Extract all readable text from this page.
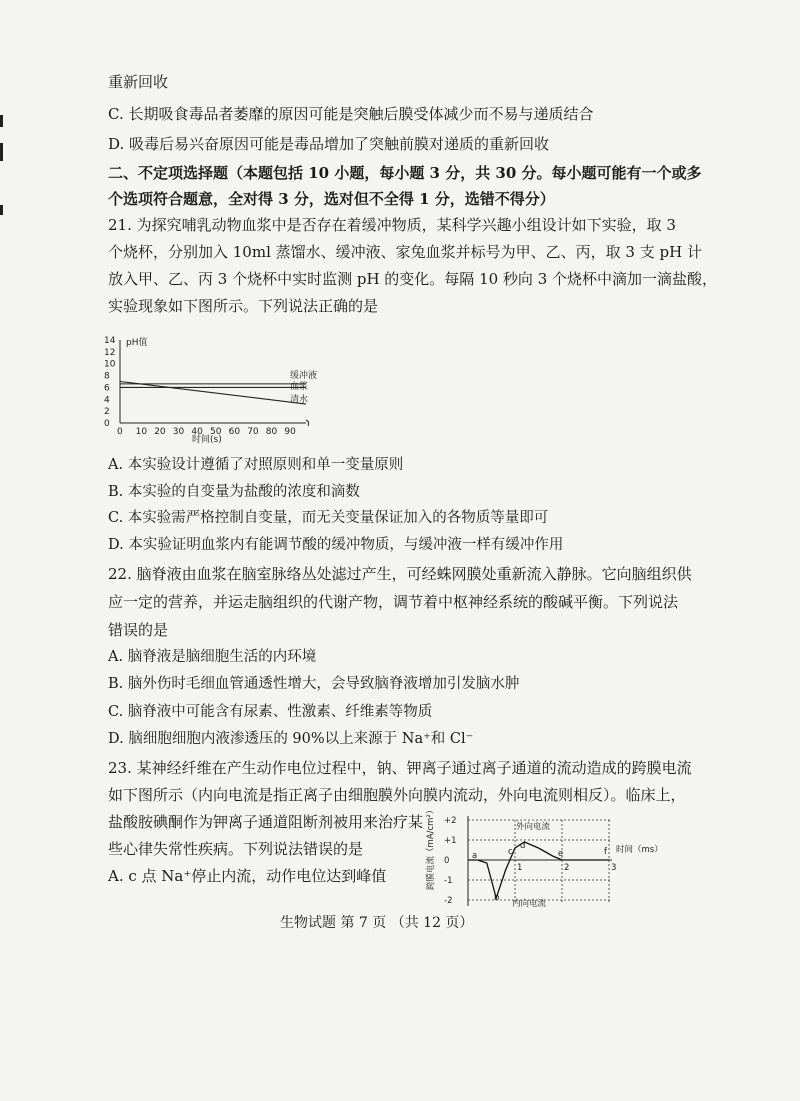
重新回收
C. 长期吸食毒品者萎靡的原因可能是突触后膜受体减少而不易与递质结合
D. 吸毒后易兴奋原因可能是毒品增加了突触前膜对递质的重新回收
二、不定项选择题（本题包括 10 小题，每小题 3 分，共 30 分。每小题可能有一个或多
个选项符合题意，全对得 3 分，选对但不全得 1 分，选错不得分）
21. 为探究哺乳动物血浆中是否存在着缓冲物质，某科学兴趣小组设计如下实验，取 3
个烧杯，分别加入 10ml 蒸馏水、缓冲液、家兔血浆并标号为甲、乙、丙，取 3 支 pH 计
放入甲、乙、丙 3 个烧杯中实时监测 pH 的变化。每隔 10 秒向 3 个烧杯中滴加一滴盐酸，
实验现象如下图所示。下列说法正确的是
pH值
时间(s)
0
2
4
6
8
10
12
14
0 10 20 30 40 50 60 70 80 90
缓冲液
血浆
清水
A. 本实验设计遵循了对照原则和单一变量原则
B. 本实验的自变量为盐酸的浓度和滴数
C. 本实验需严格控制自变量，而无关变量保证加入的各物质等量即可
D. 本实验证明血浆内有能调节酸的缓冲物质，与缓冲液一样有缓冲作用
22. 脑脊液由血浆在脑室脉络丛处滤过产生，可经蛛网膜处重新流入静脉。它向脑组织供
应一定的营养，并运走脑组织的代谢产物，调节着中枢神经系统的酸碱平衡。下列说法
错误的是
A. 脑脊液是脑细胞生活的内环境
B. 脑外伤时毛细血管通透性增大，会导致脑脊液增加引发脑水肿
C. 脑脊液中可能含有尿素、性激素、纤维素等物质
D. 脑细胞细胞内液渗透压的 90%以上来源于 Na⁺和 Cl⁻
23. 某神经纤维在产生动作电位过程中，钠、钾离子通过离子通道的流动造成的跨膜电流
如下图所示（内向电流是指正离子由细胞膜外向膜内流动，外向电流则相反）。临床上，
盐酸胺碘酮作为钾离子通道阻断剂被用来治疗某
些心律失常性疾病。下列说法错误的是
A. c 点 Na⁺停止内流，动作电位达到峰值	跨膜电流（mA/cm²） +2
+1
0
-1
-2
1	2	3
外向电流
内向电流
a
b
c
d
e	f 时间（ms）
生物试题 第 7 页 （共 12 页）
